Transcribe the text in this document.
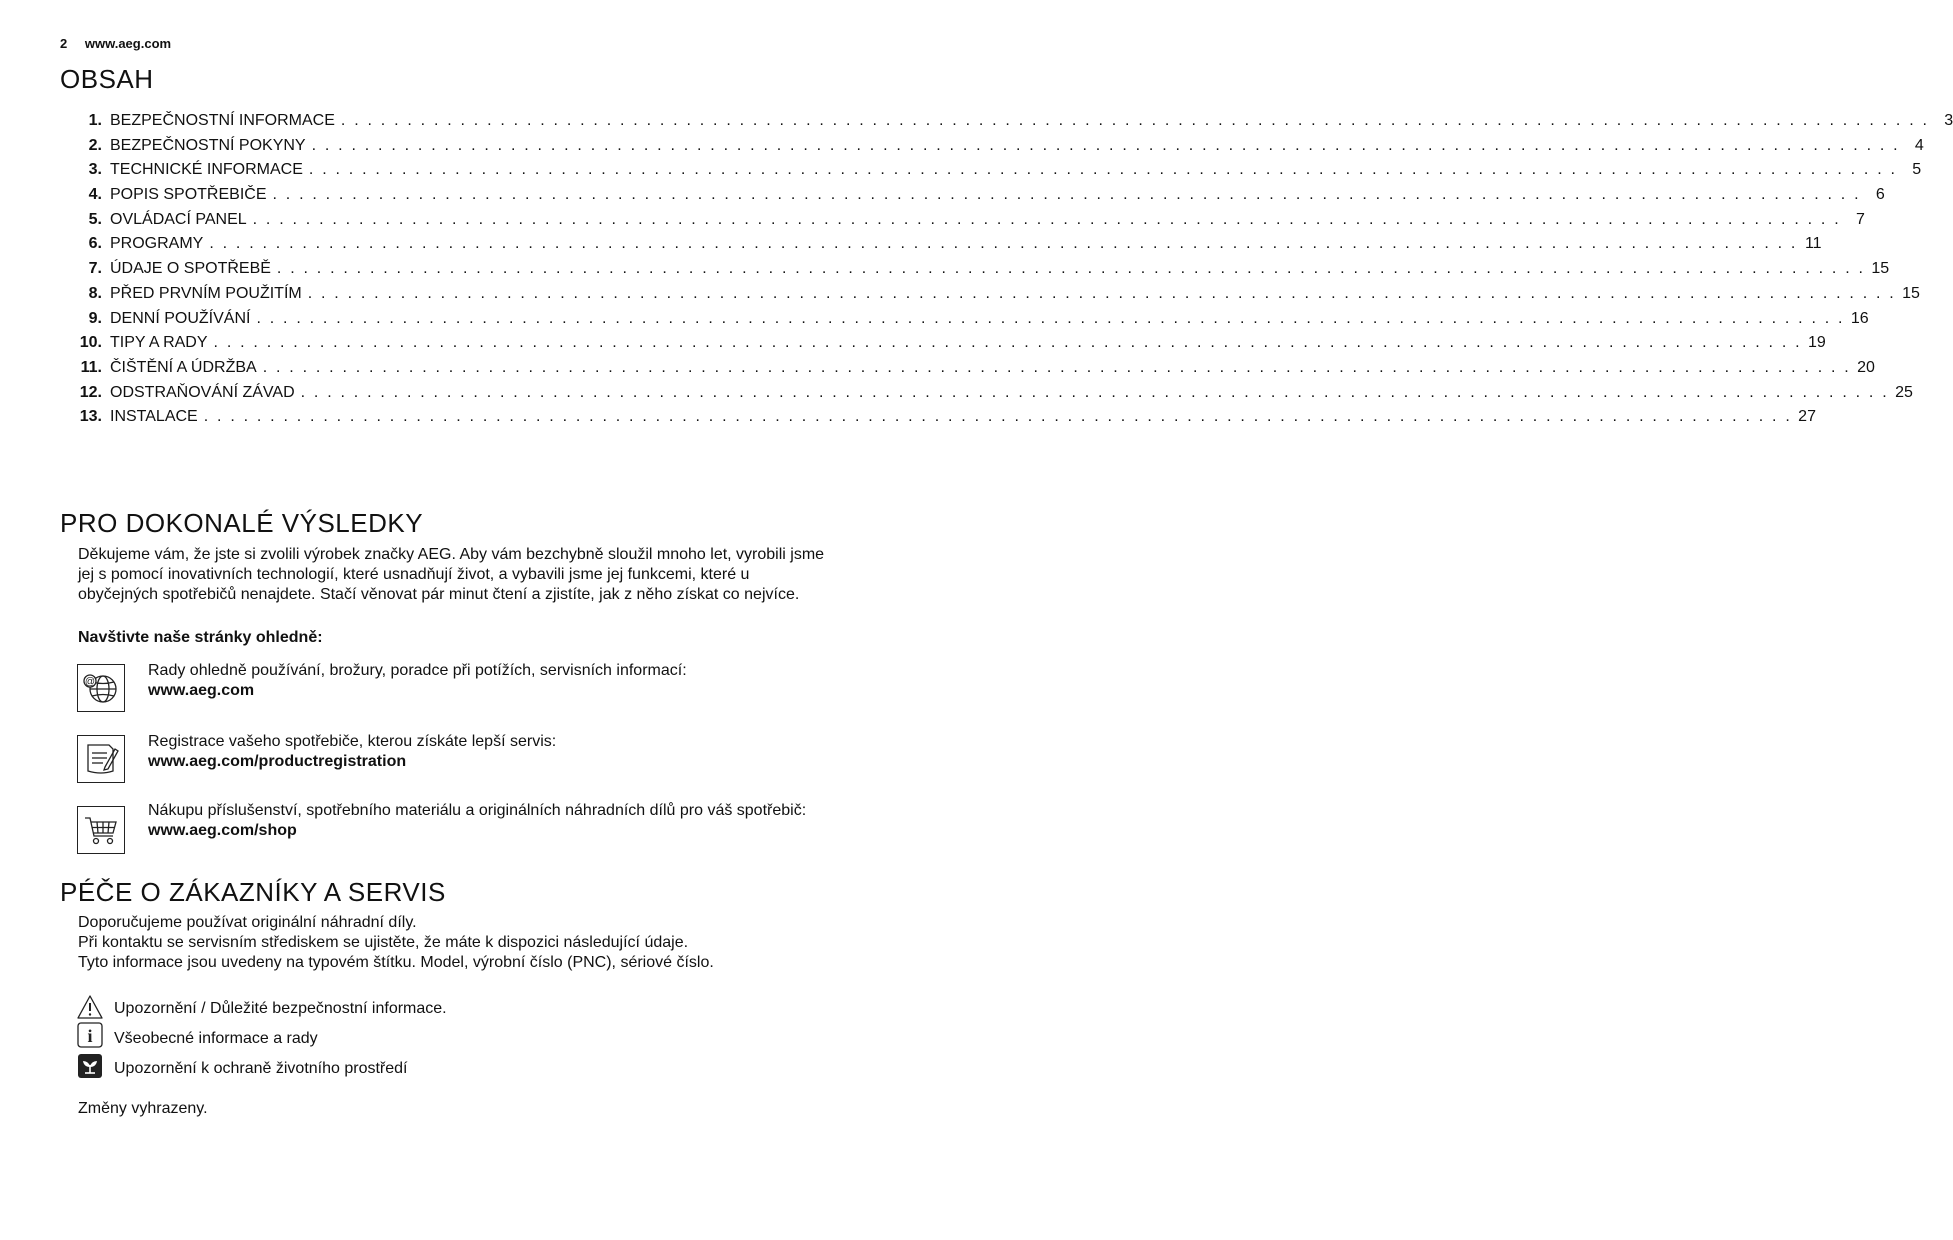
2 www.aeg.com
OBSAH
1. BEZPEČNOSTNÍ INFORMACE . . . . . . . . . . . . . . . . . . . . . . . . . . . . . . . . . . . . . . . . . . . . . . . . . . . . . . . . . . . . . . . . . . . . . . . . . . . . . . . . . . . . . . . . . . . . . . . . . . . . . . . . . . . . . . . . . . . . . . . . 3
2. BEZPEČNOSTNÍ POKYNY . . . . . . . . . . . . . . . . . . . . . . . . . . . . . . . . . . . . . . . . . . . . . . . . . . . . . . . . . . . . . . . . . . . . . . . . . . . . . . . . . . . . . . . . . . . . . . . . . . . . . . . . . . . . . . . . . . . . . . . . 4
3. TECHNICKÉ INFORMACE . . . . . . . . . . . . . . . . . . . . . . . . . . . . . . . . . . . . . . . . . . . . . . . . . . . . . . . . . . . . . . . . . . . . . . . . . . . . . . . . . . . . . . . . . . . . . . . . . . . . . . . . . . . . . . . . . . . . . . . . 5
4. POPIS SPOTŘEBIČE . . . . . . . . . . . . . . . . . . . . . . . . . . . . . . . . . . . . . . . . . . . . . . . . . . . . . . . . . . . . . . . . . . . . . . . . . . . . . . . . . . . . . . . . . . . . . . . . . . . . . . . . . . . . . . . . . . . . . . . . 6
5. OVLÁDACÍ PANEL . . . . . . . . . . . . . . . . . . . . . . . . . . . . . . . . . . . . . . . . . . . . . . . . . . . . . . . . . . . . . . . . . . . . . . . . . . . . . . . . . . . . . . . . . . . . . . . . . . . . . . . . . . . . . . . . . . . . . . . . 7
6. PROGRAMY . . . . . . . . . . . . . . . . . . . . . . . . . . . . . . . . . . . . . . . . . . . . . . . . . . . . . . . . . . . . . . . . . . . . . . . . . . . . . . . . . . . . . . . . . . . . . . . . . . . . . . . . . . . . . . . . . . . . . . . . 11
7. ÚDAJE O SPOTŘEBĚ . . . . . . . . . . . . . . . . . . . . . . . . . . . . . . . . . . . . . . . . . . . . . . . . . . . . . . . . . . . . . . . . . . . . . . . . . . . . . . . . . . . . . . . . . . . . . . . . . . . . . . . . . . . . . . . . . . . . . . . . 15
8. PŘED PRVNÍM POUŽITÍM . . . . . . . . . . . . . . . . . . . . . . . . . . . . . . . . . . . . . . . . . . . . . . . . . . . . . . . . . . . . . . . . . . . . . . . . . . . . . . . . . . . . . . . . . . . . . . . . . . . . . . . . . . . . . . . . . . . . . . . . 15
9. DENNÍ POUŽÍVÁNÍ . . . . . . . . . . . . . . . . . . . . . . . . . . . . . . . . . . . . . . . . . . . . . . . . . . . . . . . . . . . . . . . . . . . . . . . . . . . . . . . . . . . . . . . . . . . . . . . . . . . . . . . . . . . . . . . . . . . . . . . . 16
10. TIPY A RADY . . . . . . . . . . . . . . . . . . . . . . . . . . . . . . . . . . . . . . . . . . . . . . . . . . . . . . . . . . . . . . . . . . . . . . . . . . . . . . . . . . . . . . . . . . . . . . . . . . . . . . . . . . . . . . . . . . . . . . . . 19
11. ČIŠTĚNÍ A ÚDRŽBA . . . . . . . . . . . . . . . . . . . . . . . . . . . . . . . . . . . . . . . . . . . . . . . . . . . . . . . . . . . . . . . . . . . . . . . . . . . . . . . . . . . . . . . . . . . . . . . . . . . . . . . . . . . . . . . . . . . . . . . . 20
12. ODSTRAŇOVÁNÍ ZÁVAD . . . . . . . . . . . . . . . . . . . . . . . . . . . . . . . . . . . . . . . . . . . . . . . . . . . . . . . . . . . . . . . . . . . . . . . . . . . . . . . . . . . . . . . . . . . . . . . . . . . . . . . . . . . . . . . . . . . . . . . . 25
13. INSTALACE . . . . . . . . . . . . . . . . . . . . . . . . . . . . . . . . . . . . . . . . . . . . . . . . . . . . . . . . . . . . . . . . . . . . . . . . . . . . . . . . . . . . . . . . . . . . . . . . . . . . . . . . . . . . . . . . . . . . . . . . 27
PRO DOKONALÉ VÝSLEDKY

Děkujeme vám, že jste si zvolili výrobek značky AEG. Aby vám bezchybně sloužil mnoho let, vyrobili jsme jej s pomocí inovativních technologií, které usnadňují život, a vybavili jsme jej funkcemi, které u obyčejných spotřebičů nenajdete. Stačí věnovat pár minut čtení a zjistíte, jak z něho získat co nejvíce.

Navštivte naše stránky ohledně:

@

Rady ohledně používání, brožury, poradce při potížích, servisních informací:
www.aeg.com

Registrace vašeho spotřebiče, kterou získáte lepší servis:
www.aeg.com/productregistration

Nákupu příslušenství, spotřebního materiálu a originálních náhradních dílů pro váš spotřebič:
www.aeg.com/shop

PÉČE O ZÁKAZNÍKY A SERVIS

Doporučujeme používat originální náhradní díly.

Při kontaktu se servisním střediskem se ujistěte, že máte k dispozici následující údaje.

Tyto informace jsou uvedeny na typovém štítku. Model, výrobní číslo (PNC), sériové číslo.

Upozornění / Důležité bezpečnostní informace.
i Všeobecné informace a rady
Upozornění k ochraně životního prostředí

Změny vyhrazeny.
